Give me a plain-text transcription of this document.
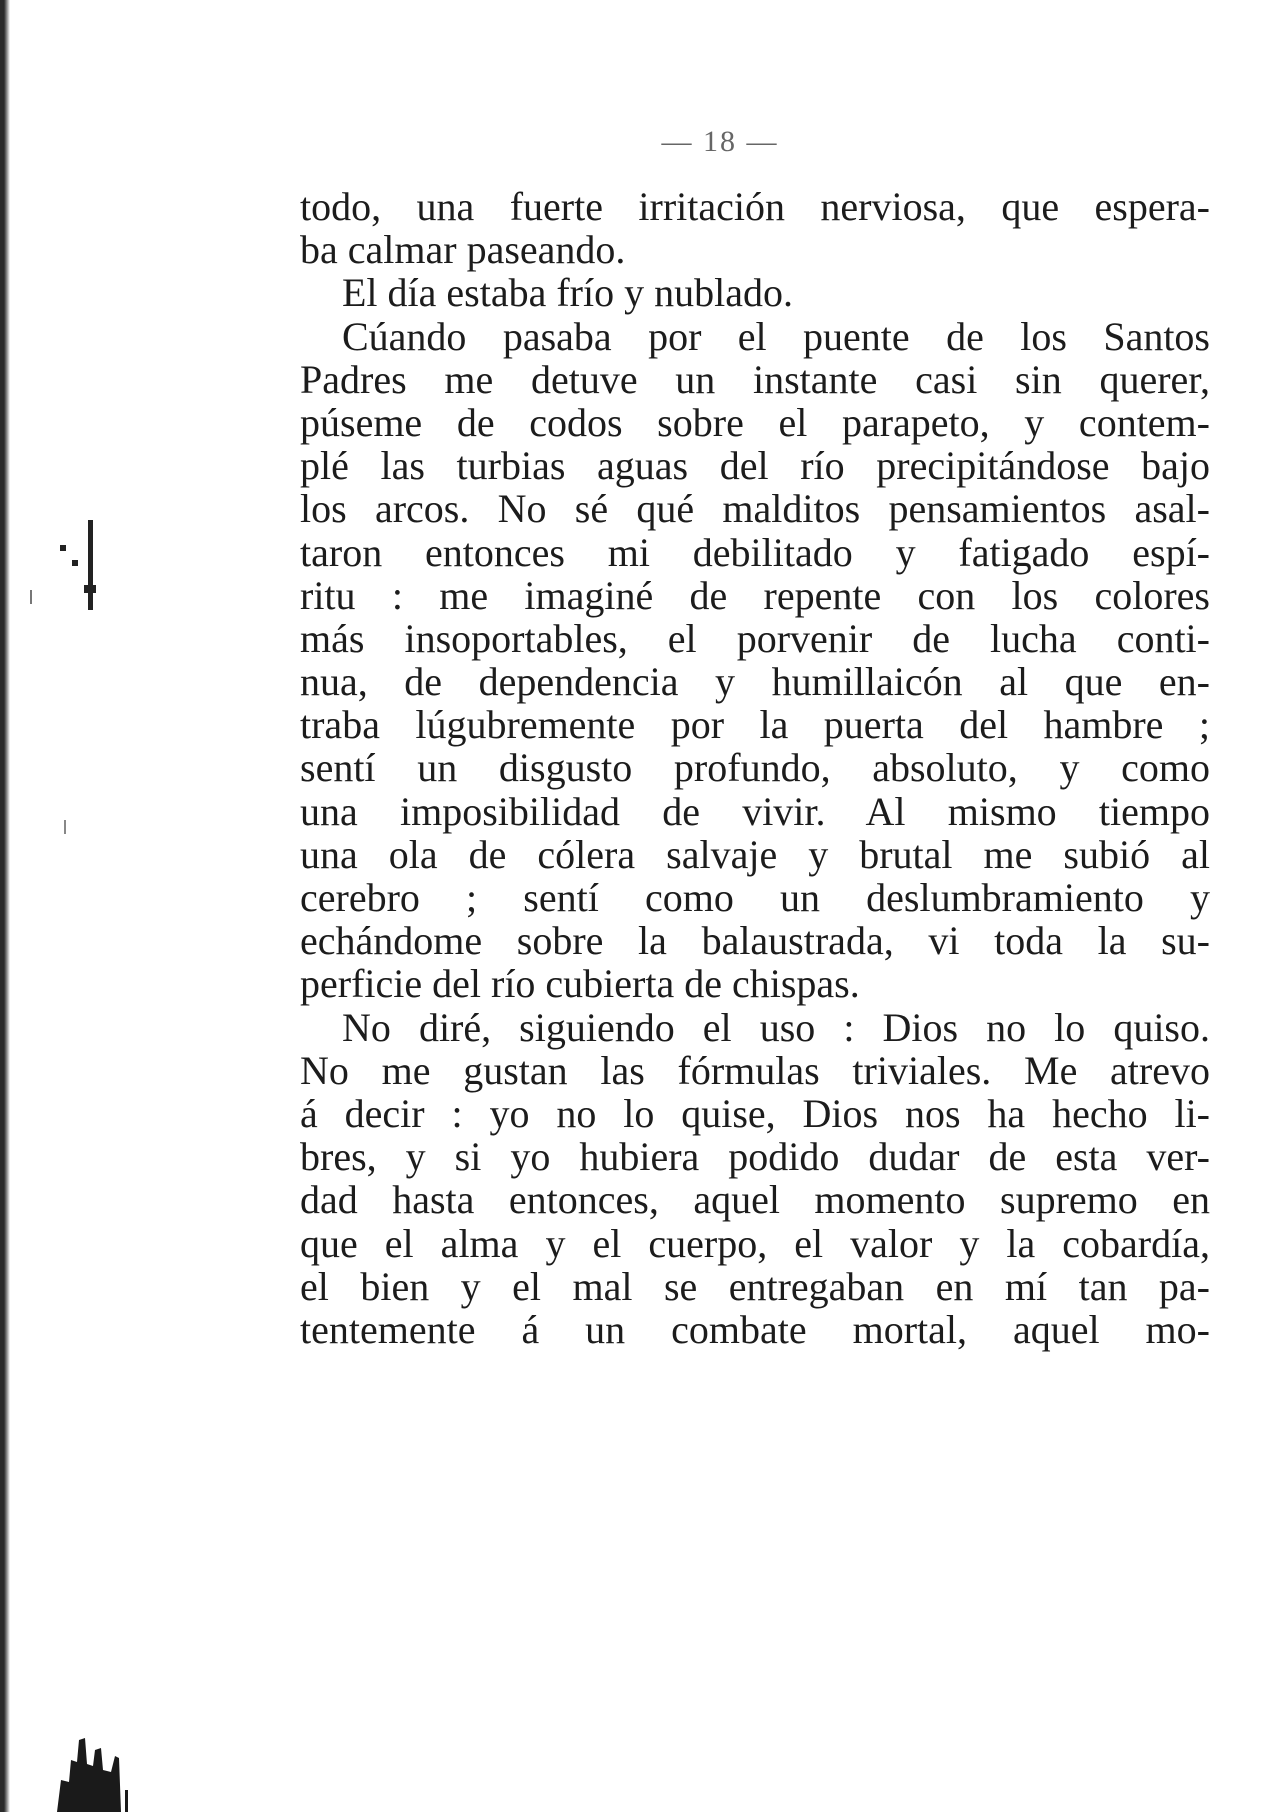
— 18 —
todo, una fuerte irritación nerviosa, que espera-
ba calmar paseando.
El día estaba frío y nublado.
Cúando pasaba por el puente de los Santos
Padres me detuve un instante casi sin querer,
púseme de codos sobre el parapeto, y contem-
plé las turbias aguas del río precipitándose bajo
los arcos. No sé qué malditos pensamientos asal-
taron entonces mi debilitado y fatigado espí-
ritu : me imaginé de repente con los colores
más insoportables, el porvenir de lucha conti-
nua, de dependencia y humillaicón al que en-
traba lúgubremente por la puerta del hambre ;
sentí un disgusto profundo, absoluto, y como
una imposibilidad de vivir. Al mismo tiempo
una ola de cólera salvaje y brutal me subió al
cerebro ; sentí como un deslumbramiento y
echándome sobre la balaustrada, vi toda la su-
perficie del río cubierta de chispas.
No diré, siguiendo el uso : Dios no lo quiso.
No me gustan las fórmulas triviales. Me atrevo
á decir : yo no lo quise, Dios nos ha hecho li-
bres, y si yo hubiera podido dudar de esta ver-
dad hasta entonces, aquel momento supremo en
que el alma y el cuerpo, el valor y la cobardía,
el bien y el mal se entregaban en mí tan pa-
tentemente á un combate mortal, aquel mo-
